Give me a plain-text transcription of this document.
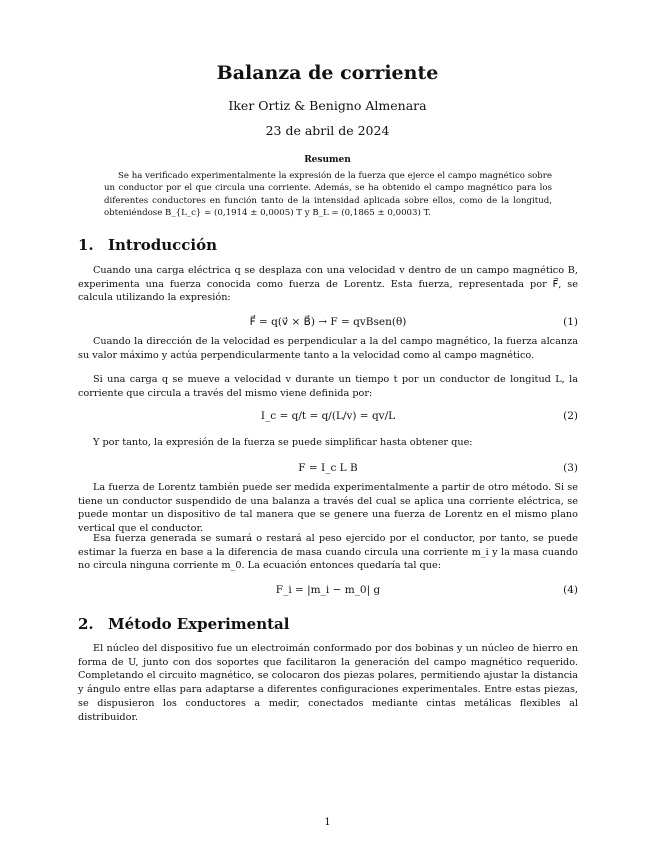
Balanza de corriente
Iker Ortiz & Benigno Almenara
23 de abril de 2024
Resumen
Se ha verificado experimentalmente la expresión de la fuerza que ejerce el campo magnético sobre un conductor por el que circula una corriente. Además, se ha obtenido el campo magnético para los diferentes conductores en función tanto de la intensidad aplicada sobre ellos, como de la longitud, obteniéndose B_{L_c} = (0,1914 ± 0,0005) T y B_L = (0,1865 ± 0,0003) T.
1. Introducción
Cuando una carga eléctrica q se desplaza con una velocidad v dentro de un campo magnético B, experimenta una fuerza conocida como fuerza de Lorentz. Esta fuerza, representada por F⃗, se calcula utilizando la expresión:
F⃗ = q(v⃗ × B⃗) → F = qvBsen(θ)	(1)
Cuando la dirección de la velocidad es perpendicular a la del campo magnético, la fuerza alcanza su valor máximo y actúa perpendicularmente tanto a la velocidad como al campo magnético.
Si una carga q se mueve a velocidad v durante un tiempo t por un conductor de longitud L, la corriente que circula a través del mismo viene definida por:
I_c = q/t = q/(L/v) = qv/L	(2)
Y por tanto, la expresión de la fuerza se puede simplificar hasta obtener que:
F = I_c L B	(3)
La fuerza de Lorentz también puede ser medida experimentalmente a partir de otro método. Si se tiene un conductor suspendido de una balanza a través del cual se aplica una corriente eléctrica, se puede montar un dispositivo de tal manera que se genere una fuerza de Lorentz en el mismo plano vertical que el conductor.
Esa fuerza generada se sumará o restará al peso ejercido por el conductor, por tanto, se puede estimar la fuerza en base a la diferencia de masa cuando circula una corriente m_i y la masa cuando no circula ninguna corriente m_0. La ecuación entonces quedaría tal que:
F_i = |m_i − m_0| g	(4)
2. Método Experimental
El núcleo del dispositivo fue un electroimán conformado por dos bobinas y un núcleo de hierro en forma de U, junto con dos soportes que facilitaron la generación del campo magnético requerido. Completando el circuito magnético, se colocaron dos piezas polares, permitiendo ajustar la distancia y ángulo entre ellas para adaptarse a diferentes configuraciones experimentales. Entre estas piezas, se dispusieron los conductores a medir, conectados mediante cintas metálicas flexibles al distribuidor.
1
